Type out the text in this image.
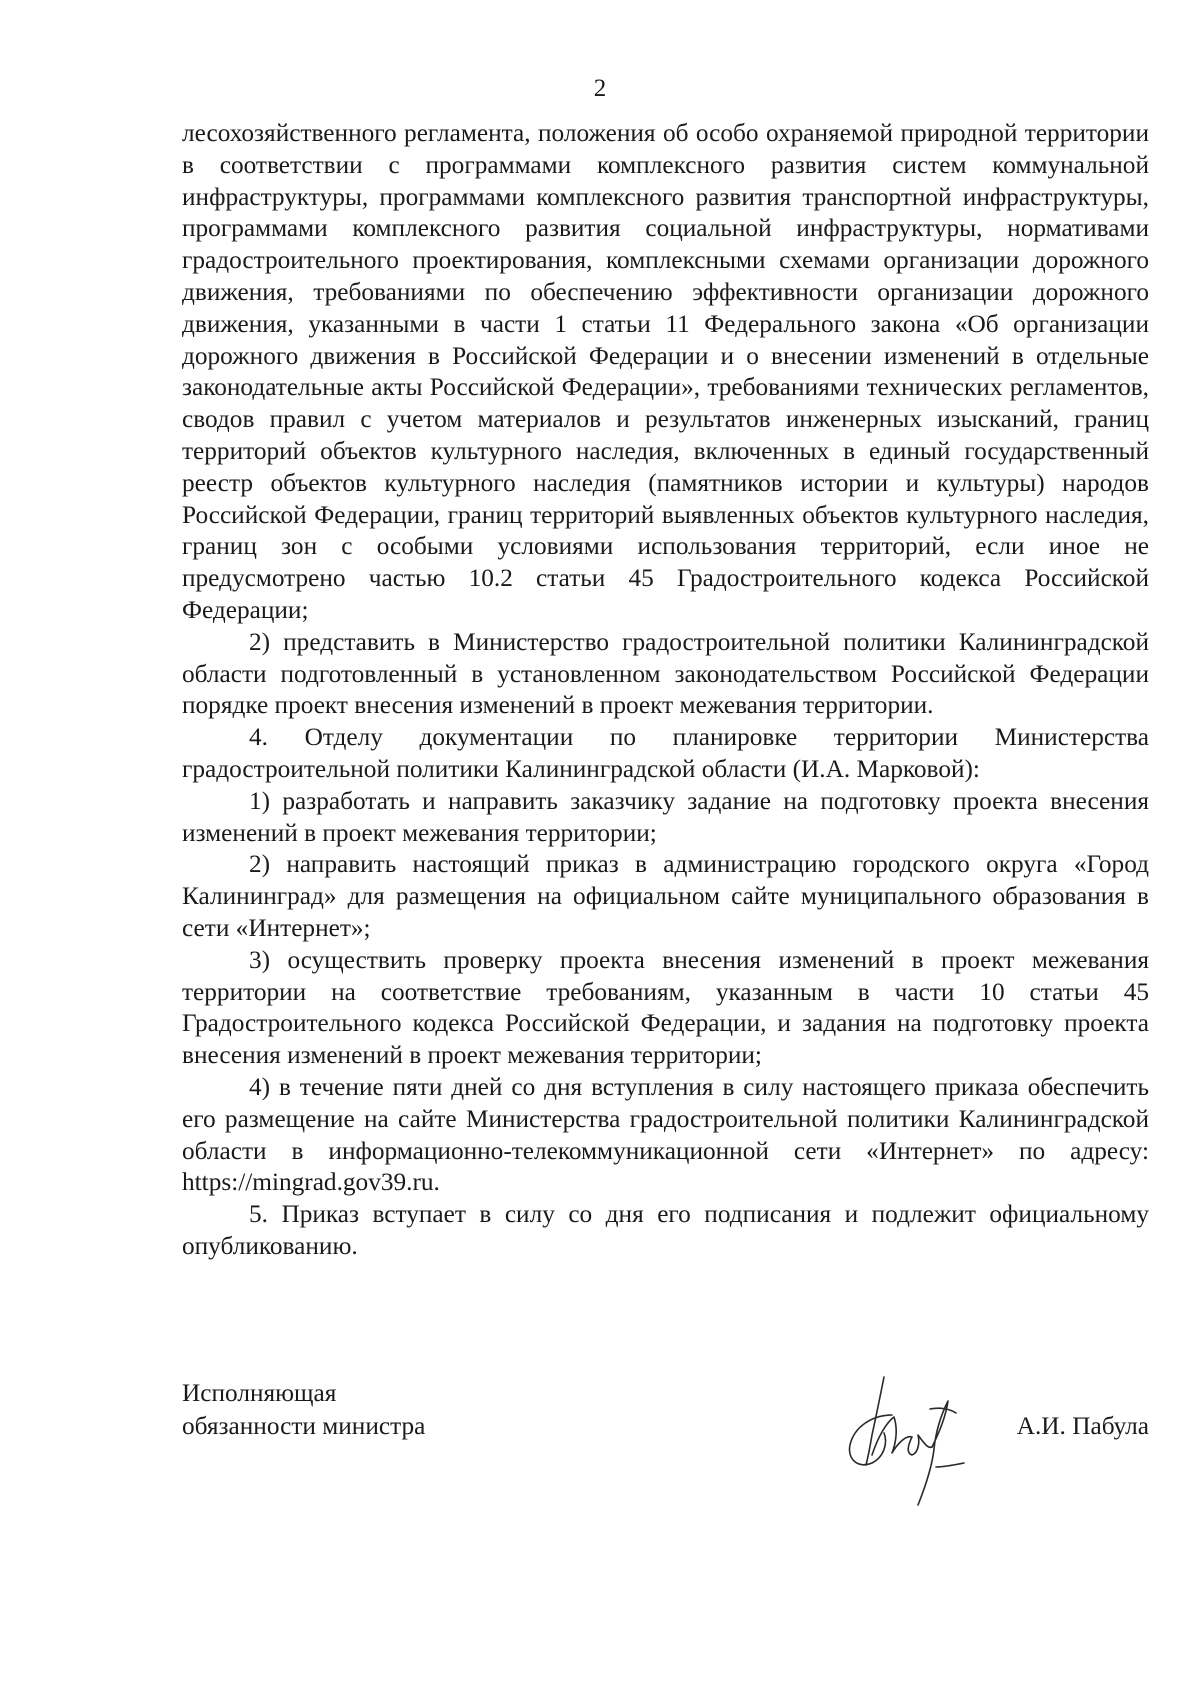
2

лесохозяйственного регламента, положения об особо охраняемой природной территории в соответствии с программами комплексного развития систем коммунальной инфраструктуры, программами комплексного развития транспортной инфраструктуры, программами комплексного развития социальной инфраструктуры, нормативами градостроительного проектирования, комплексными схемами организации дорожного движения, требованиями по обеспечению эффективности организации дорожного движения, указанными в части 1 статьи 11 Федерального закона «Об организации дорожного движения в Российской Федерации и о внесении изменений в отдельные законодательные акты Российской Федерации», требованиями технических регламентов, сводов правил с учетом материалов и результатов инженерных изысканий, границ территорий объектов культурного наследия, включенных в единый государственный реестр объектов культурного наследия (памятников истории и культуры) народов Российской Федерации, границ территорий выявленных объектов культурного наследия, границ зон с особыми условиями использования территорий, если иное не предусмотрено частью 10.2 статьи 45 Градостроительного кодекса Российской Федерации;

2) представить в Министерство градостроительной политики Калининградской области подготовленный в установленном законодательством Российской Федерации порядке проект внесения изменений в проект межевания территории.

4. Отделу документации по планировке территории Министерства градостроительной политики Калининградской области (И.А. Марковой):

1) разработать и направить заказчику задание на подготовку проекта внесения изменений в проект межевания территории;

2) направить настоящий приказ в администрацию городского округа «Город Калининград» для размещения на официальном сайте муниципального образования в сети «Интернет»;

3) осуществить проверку проекта внесения изменений в проект межевания территории на соответствие требованиям, указанным в части 10 статьи 45 Градостроительного кодекса Российской Федерации, и задания на подготовку проекта внесения изменений в проект межевания территории;

4) в течение пяти дней со дня вступления в силу настоящего приказа обеспечить его размещение на сайте Министерства градостроительной политики Калининградской области в информационно-телекоммуникационной сети «Интернет» по адресу: https://mingrad.gov39.ru.

5. Приказ вступает в силу со дня его подписания и подлежит официальному опубликованию.

Исполняющая
обязанности министра	А.И. Пабула
